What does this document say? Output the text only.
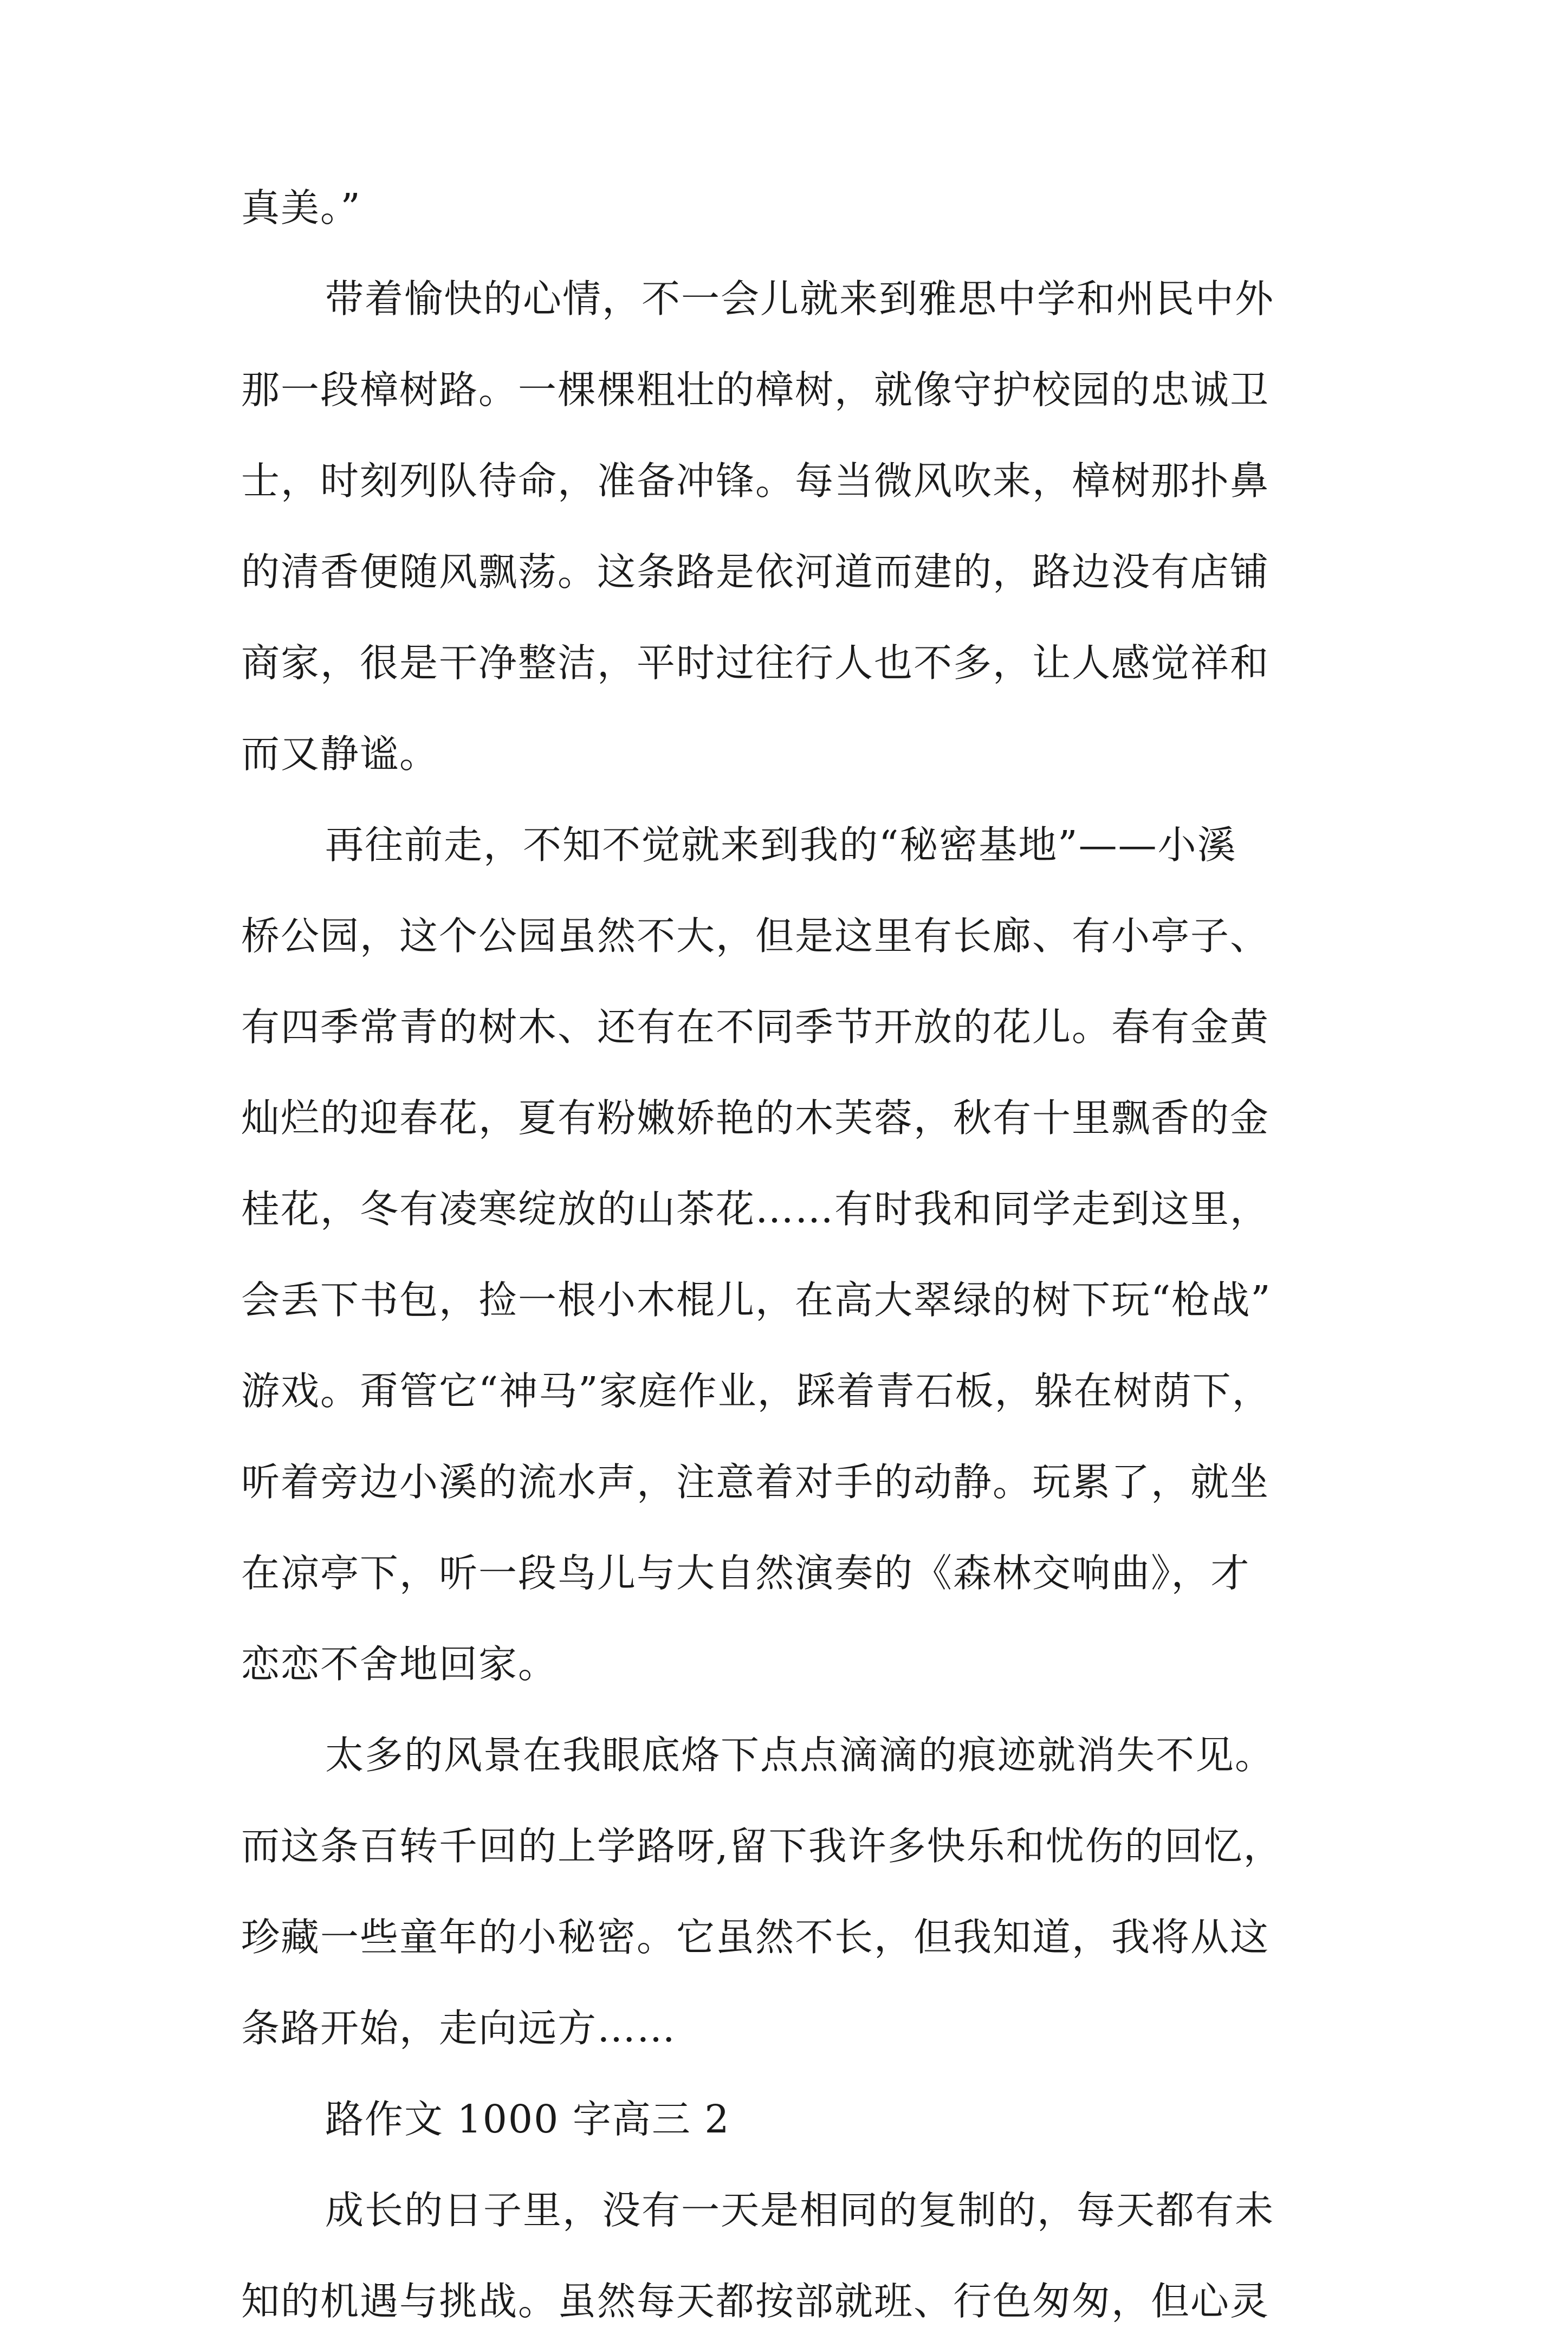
真美。”
带着愉快的心情，不一会儿就来到雅思中学和州民中外
那一段樟树路。一棵棵粗壮的樟树，就像守护校园的忠诚卫
士，时刻列队待命，准备冲锋。每当微风吹来，樟树那扑鼻
的清香便随风飘荡。这条路是依河道而建的，路边没有店铺
商家，很是干净整洁，平时过往行人也不多，让人感觉祥和
而又静谧。
再往前走，不知不觉就来到我的“秘密基地”——小溪
桥公园，这个公园虽然不大，但是这里有长廊、有小亭子、
有四季常青的树木、还有在不同季节开放的花儿。春有金黄
灿烂的迎春花，夏有粉嫩娇艳的木芙蓉，秋有十里飘香的金
桂花，冬有凌寒绽放的山茶花……有时我和同学走到这里，
会丢下书包，捡一根小木棍儿，在高大翠绿的树下玩“枪战”
游戏。甭管它“神马”家庭作业，踩着青石板，躲在树荫下，
听着旁边小溪的流水声，注意着对手的动静。玩累了，就坐
在凉亭下，听一段鸟儿与大自然演奏的《森林交响曲》，才
恋恋不舍地回家。
太多的风景在我眼底烙下点点滴滴的痕迹就消失不见。
而这条百转千回的上学路呀,留下我许多快乐和忧伤的回忆，
珍藏一些童年的小秘密。它虽然不长，但我知道，我将从这
条路开始，走向远方……
路作文 1000 字高三 2
成长的日子里，没有一天是相同的复制的，每天都有未
知的机遇与挑战。虽然每天都按部就班、行色匆匆，但心灵
